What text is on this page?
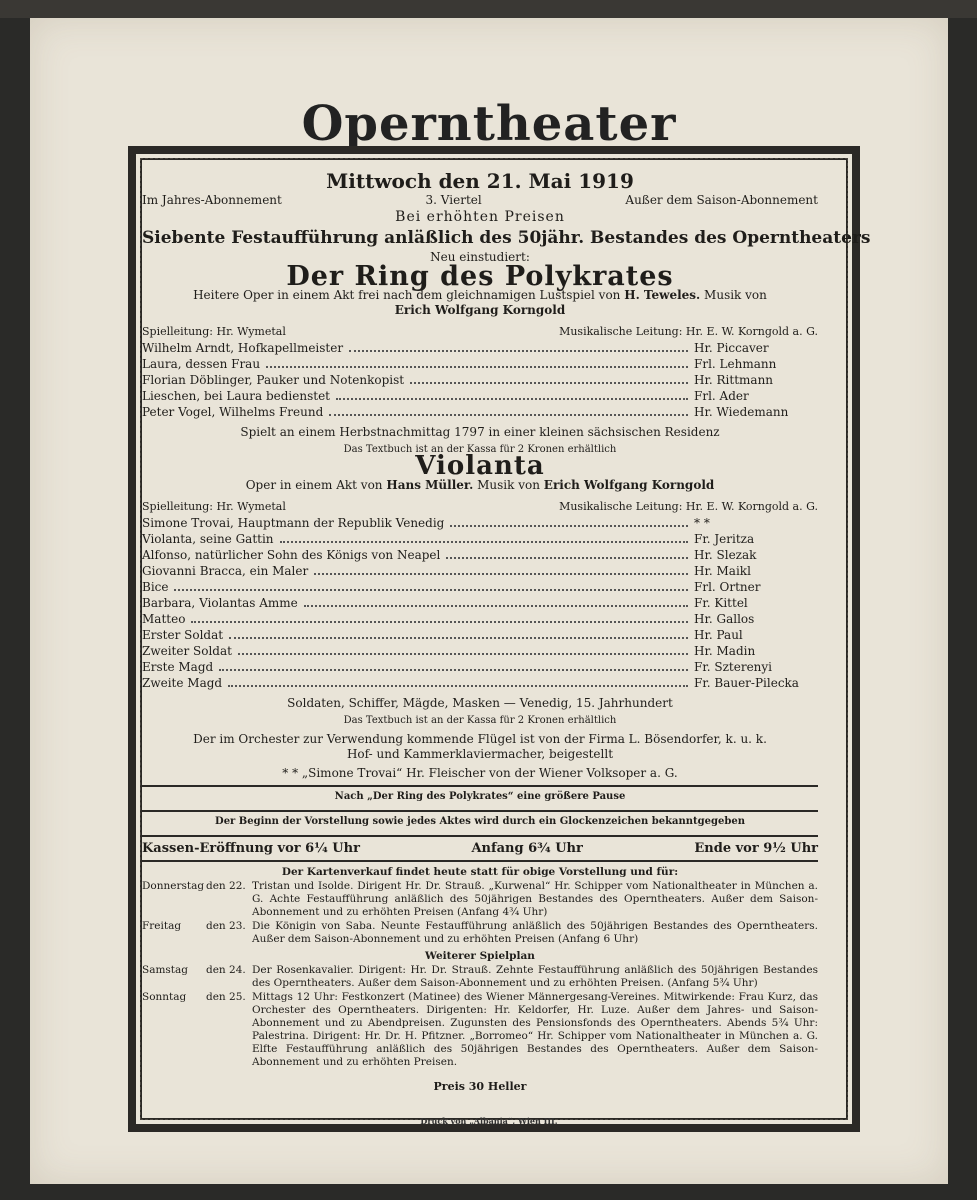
Operntheater
Druck von „Albania“, Wien III.
Mittwoch den 21. Mai 1919
Im Jahres-Abonnement	3. Viertel	Außer dem Saison-Abonnement
Bei erhöhten Preisen
Siebente Festaufführung anläßlich des 50jähr. Bestandes des Operntheaters
Neu einstudiert:
Der Ring des Polykrates
Heitere Oper in einem Akt frei nach dem gleichnamigen Lustspiel von H. Teweles. Musik von
Erich Wolfgang Korngold
Spielleitung: Hr. Wymetal	Musikalische Leitung: Hr. E. W. Korngold a. G.
Wilhelm Arndt, Hofkapellmeister	Hr. Piccaver
Laura, dessen Frau	Frl. Lehmann
Florian Döblinger, Pauker und Notenkopist	Hr. Rittmann
Lieschen, bei Laura bedienstet	Frl. Ader
Peter Vogel, Wilhelms Freund	Hr. Wiedemann
Spielt an einem Herbstnachmittag 1797 in einer kleinen sächsischen Residenz
Das Textbuch ist an der Kassa für 2 Kronen erhältlich
Violanta
Oper in einem Akt von Hans Müller. Musik von Erich Wolfgang Korngold
Spielleitung: Hr. Wymetal	Musikalische Leitung: Hr. E. W. Korngold a. G.
Simone Trovai, Hauptmann der Republik Venedig	* *
Violanta, seine Gattin	Fr. Jeritza
Alfonso, natürlicher Sohn des Königs von Neapel	Hr. Slezak
Giovanni Bracca, ein Maler	Hr. Maikl
Bice	Frl. Ortner
Barbara, Violantas Amme	Fr. Kittel
Matteo	Hr. Gallos
Erster Soldat	Hr. Paul
Zweiter Soldat	Hr. Madin
Erste Magd	Fr. Szterenyi
Zweite Magd	Fr. Bauer-Pilecka
Soldaten, Schiffer, Mägde, Masken — Venedig, 15. Jahrhundert
Das Textbuch ist an der Kassa für 2 Kronen erhältlich
Der im Orchester zur Verwendung kommende Flügel ist von der Firma L. Bösendorfer, k. u. k.
Hof- und Kammerklaviermacher, beigestellt
* * „Simone Trovai“ Hr. Fleischer von der Wiener Volksoper a. G.
Nach „Der Ring des Polykrates“ eine größere Pause
Der Beginn der Vorstellung sowie jedes Aktes wird durch ein Glockenzeichen bekanntgegeben
Kassen-Eröffnung vor 6¼ Uhr	Anfang 6¾ Uhr	Ende vor 9½ Uhr
Der Kartenverkauf findet heute statt für obige Vorstellung und für:
Donnerstag den 22. Tristan und Isolde. Dirigent Hr. Dr. Strauß. „Kurwenal“ Hr. Schipper vom Nationaltheater in München a. G. Achte Festaufführung anläßlich des 50jährigen Bestandes des Operntheaters. Außer dem Saison-Abonnement und zu erhöhten Preisen (Anfang 4¾ Uhr)
Freitag	den 23. Die Königin von Saba. Neunte Festaufführung anläßlich des 50jährigen Bestandes des Operntheaters. Außer dem Saison-Abonnement und zu erhöhten Preisen (Anfang 6 Uhr)
Weiterer Spielplan
Samstag	den 24. Der Rosenkavalier. Dirigent: Hr. Dr. Strauß. Zehnte Festaufführung anläßlich des 50jährigen Bestandes des Operntheaters. Außer dem Saison-Abonnement und zu erhöhten Preisen. (Anfang 5¾ Uhr)
Sonntag	den 25. Mittags 12 Uhr: Festkonzert (Matinee) des Wiener Männergesang-Vereines. Mitwirkende: Frau Kurz, das Orchester des Operntheaters. Dirigenten: Hr. Keldorfer, Hr. Luze. Außer dem Jahres- und Saison-Abonnement und zu Abendpreisen. Zugunsten des Pensionsfonds des Operntheaters. Abends 5¾ Uhr: Palestrina. Dirigent: Hr. Dr. H. Pfitzner. „Borromeo“ Hr. Schipper vom Nationaltheater in München a. G. Elfte Festaufführung anläßlich des 50jährigen Bestandes des Operntheaters. Außer dem Saison-Abonnement und zu erhöhten Preisen.
Preis 30 Heller
